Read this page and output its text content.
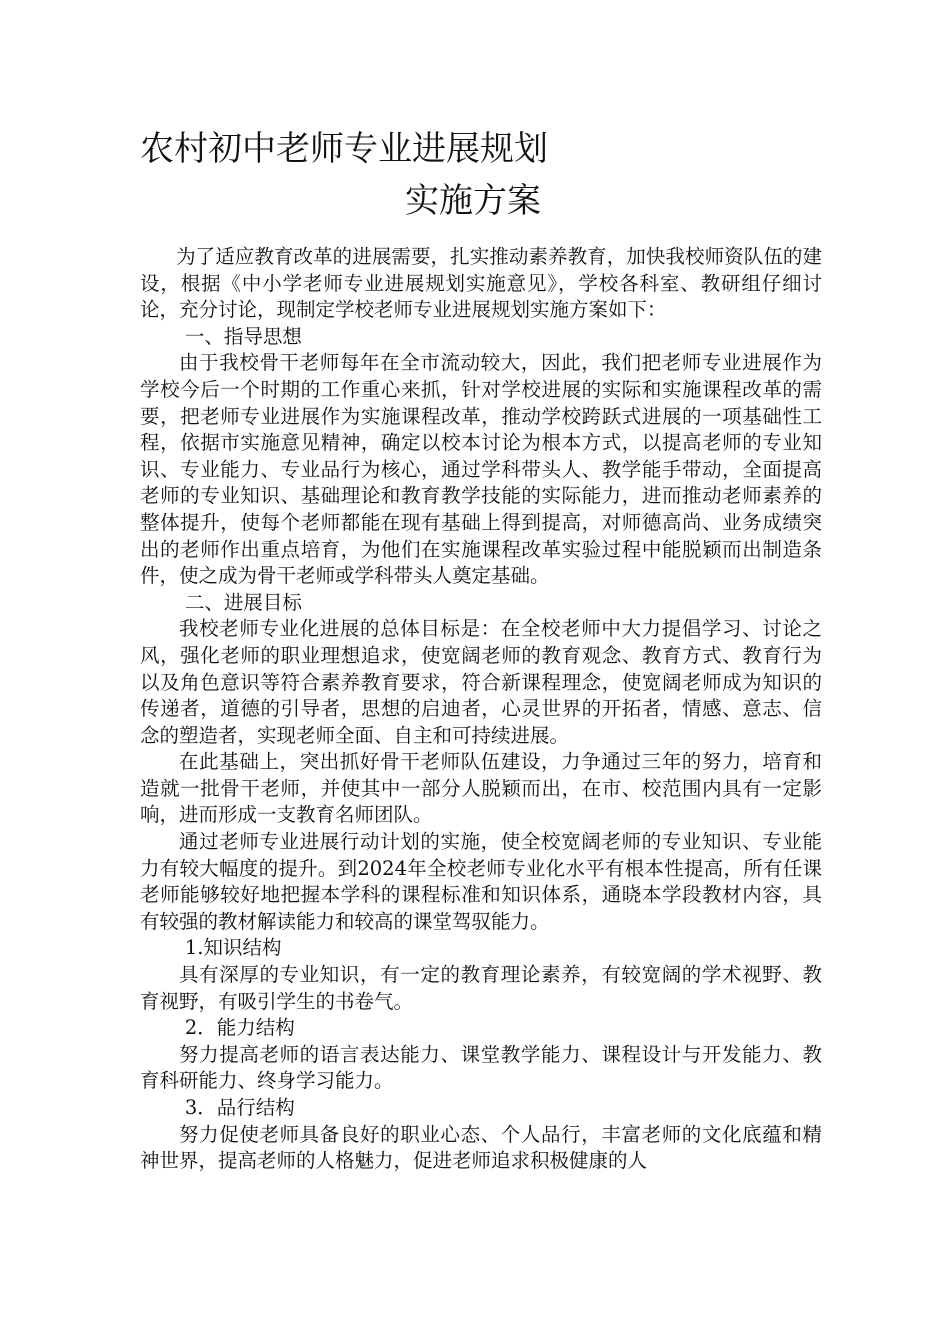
农村初中老师专业进展规划
实施方案

为了适应教育改革的进展需要，扎实推动素养教育，加快我校师资队伍的建设，根据《中小学老师专业进展规划实施意见》，学校各科室、教研组仔细讨论，充分讨论，现制定学校老师专业进展规划实施方案如下：

一、指导思想

由于我校骨干老师每年在全市流动较大，因此，我们把老师专业进展作为学校今后一个时期的工作重心来抓，针对学校进展的实际和实施课程改革的需要，把老师专业进展作为实施课程改革，推动学校跨跃式进展的一项基础性工程，依据市实施意见精神，确定以校本讨论为根本方式，以提高老师的专业知识、专业能力、专业品行为核心，通过学科带头人、教学能手带动，全面提高老师的专业知识、基础理论和教育教学技能的实际能力，进而推动老师素养的整体提升，使每个老师都能在现有基础上得到提高，对师德高尚、业务成绩突出的老师作出重点培育，为他们在实施课程改革实验过程中能脱颖而出制造条件，使之成为骨干老师或学科带头人奠定基础。

二、进展目标

我校老师专业化进展的总体目标是：在全校老师中大力提倡学习、讨论之风，强化老师的职业理想追求，使宽阔老师的教育观念、教育方式、教育行为以及角色意识等符合素养教育要求，符合新课程理念，使宽阔老师成为知识的传递者，道德的引导者，思想的启迪者，心灵世界的开拓者，情感、意志、信念的塑造者，实现老师全面、自主和可持续进展。

在此基础上，突出抓好骨干老师队伍建设，力争通过三年的努力，培育和造就一批骨干老师，并使其中一部分人脱颖而出，在市、校范围内具有一定影响，进而形成一支教育名师团队。

通过老师专业进展行动计划的实施，使全校宽阔老师的专业知识、专业能力有较大幅度的提升。到2024年全校老师专业化水平有根本性提高，所有任课老师能够较好地把握本学科的课程标准和知识体系，通晓本学段教材内容，具有较强的教材解读能力和较高的课堂驾驭能力。

1.知识结构

具有深厚的专业知识，有一定的教育理论素养，有较宽阔的学术视野、教育视野，有吸引学生的书卷气。

2．能力结构

努力提高老师的语言表达能力、课堂教学能力、课程设计与开发能力、教育科研能力、终身学习能力。

3．品行结构

努力促使老师具备良好的职业心态、个人品行，丰富老师的文化底蕴和精神世界，提高老师的人格魅力，促进老师追求积极健康的人
